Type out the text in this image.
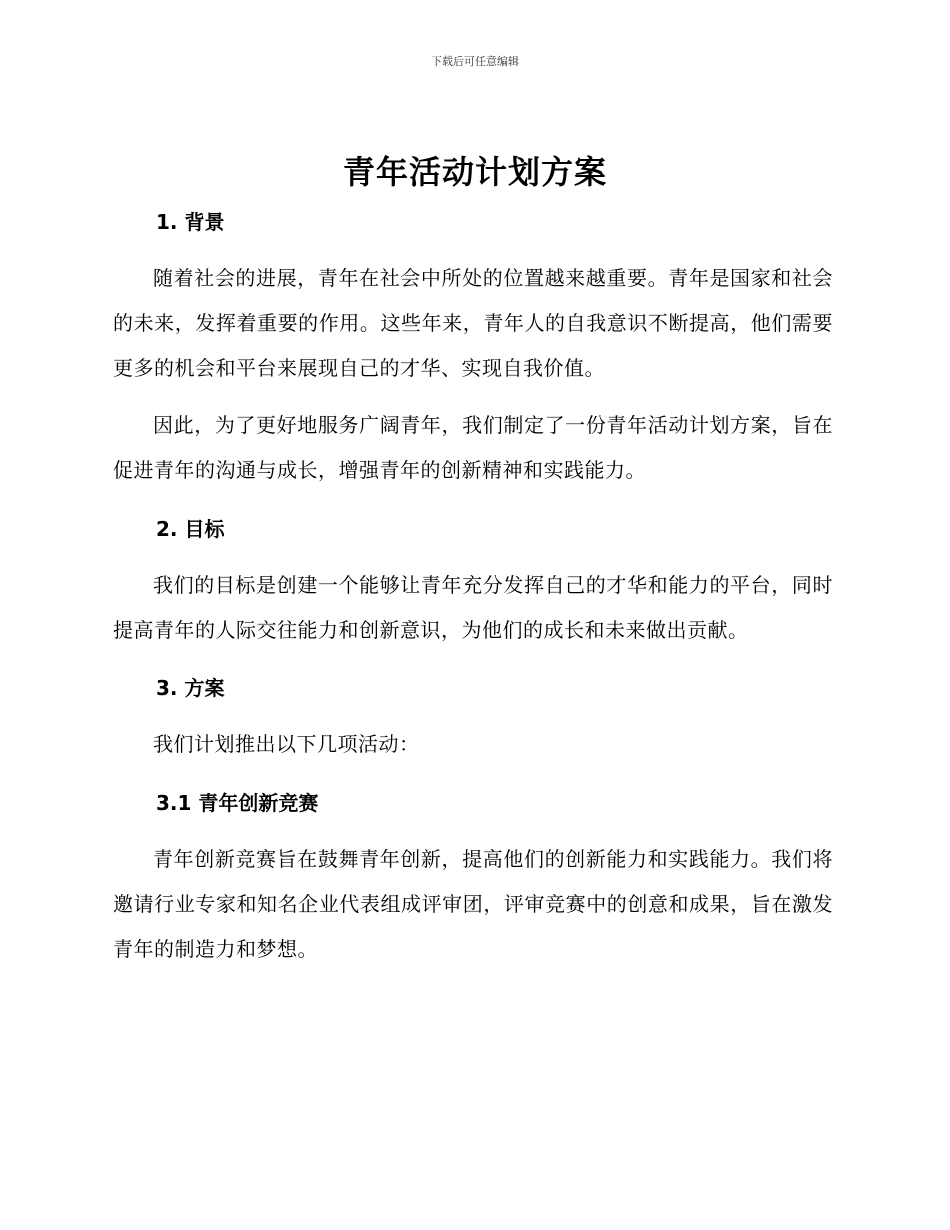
下载后可任意编辑
青年活动计划方案
1. 背景

随着社会的进展，青年在社会中所处的位置越来越重要。青年是国家和社会的未来，发挥着重要的作用。这些年来，青年人的自我意识不断提高，他们需要更多的机会和平台来展现自己的才华、实现自我价值。

因此，为了更好地服务广阔青年，我们制定了一份青年活动计划方案，旨在促进青年的沟通与成长，增强青年的创新精神和实践能力。

2. 目标

我们的目标是创建一个能够让青年充分发挥自己的才华和能力的平台，同时提高青年的人际交往能力和创新意识，为他们的成长和未来做出贡献。

3. 方案

我们计划推出以下几项活动：

3.1 青年创新竞赛

青年创新竞赛旨在鼓舞青年创新，提高他们的创新能力和实践能力。我们将邀请行业专家和知名企业代表组成评审团，评审竞赛中的创意和成果，旨在激发青年的制造力和梦想。
